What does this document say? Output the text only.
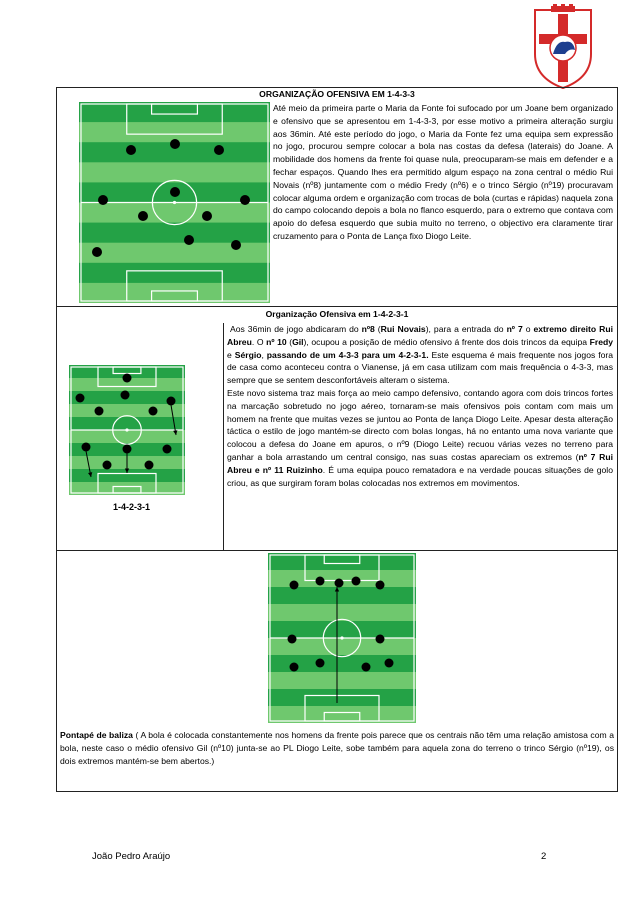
ORGANIZAÇÃO OFENSIVA EM 1-4-3-3
Até meio da primeira parte o Maria da Fonte foi sufocado por um Joane bem organizado e ofensivo que se apresentou em 1-4-3-3, por esse motivo a primeira alteração surgiu aos 36min. Até este período do jogo, o Maria da Fonte fez uma equipa sem expressão no jogo, procurou sempre colocar a bola nas costas da defesa (laterais) do Joane. A mobilidade dos homens da frente foi quase nula, preocuparam-se mais em defender e a fechar espaços. Quando lhes era permitido algum espaço na zona central o médio Rui Novais (nº8) juntamente com o médio Fredy (nº6) e o trinco Sérgio (nº19) procuravam colocar alguma ordem e organização com trocas de bola (curtas e rápidas) naquela zona do campo colocando depois a bola no flanco esquerdo, para o extremo que contava com apoio do defesa esquerdo que subia muito no terreno, o objectivo era claramente tirar cruzamento para o Ponta de Lança fixo Diogo Leite.
Organização Ofensiva em 1-4-2-3-1
1-4-2-3-1

Aos 36min de jogo abdicaram do nº8 (Rui Novais), para a entrada do nº 7 o extremo direito Rui Abreu. O nº 10 (Gil), ocupou a posição de médio ofensivo á frente dos dois trincos da equipa Fredy e Sérgio, passando de um 4-3-3 para um 4-2-3-1. Este esquema é mais frequente nos jogos fora de casa como aconteceu contra o Vianense, já em casa utilizam com mais frequência o 4-3-3, mas sempre que se sentem desconfortáveis alteram o sistema.

Este novo sistema traz mais força ao meio campo defensivo, contando agora com dois trincos fortes na marcação sobretudo no jogo aéreo, tornaram-se mais ofensivos pois contam com mais um homem na frente que muitas vezes se juntou ao Ponta de lança Diogo Leite. Apesar desta alteração táctica o estilo de jogo mantém-se directo com bolas longas, há no entanto uma nova variante que colocou a defesa do Joane em apuros, o nº9 (Diogo Leite) recuou várias vezes no terreno para ganhar a bola arrastando um central consigo, nas suas costas apareciam os extremos (nº 7 Rui Abreu e nº 11 Ruizinho. É uma equipa pouco rematadora e na verdade poucas situações de golo criou, as que surgiram foram bolas colocadas nos extremos em movimentos.

Pontapé de baliza ( A bola é colocada constantemente nos homens da frente pois parece que os centrais não têm uma relação amistosa com a bola, neste caso o médio ofensivo Gil (nº10) junta-se ao PL Diogo Leite, sobe também para aquela zona do terreno o trinco Sérgio (nº19), os dois extremos mantém-se bem abertos.)
João Pedro Araújo	2
